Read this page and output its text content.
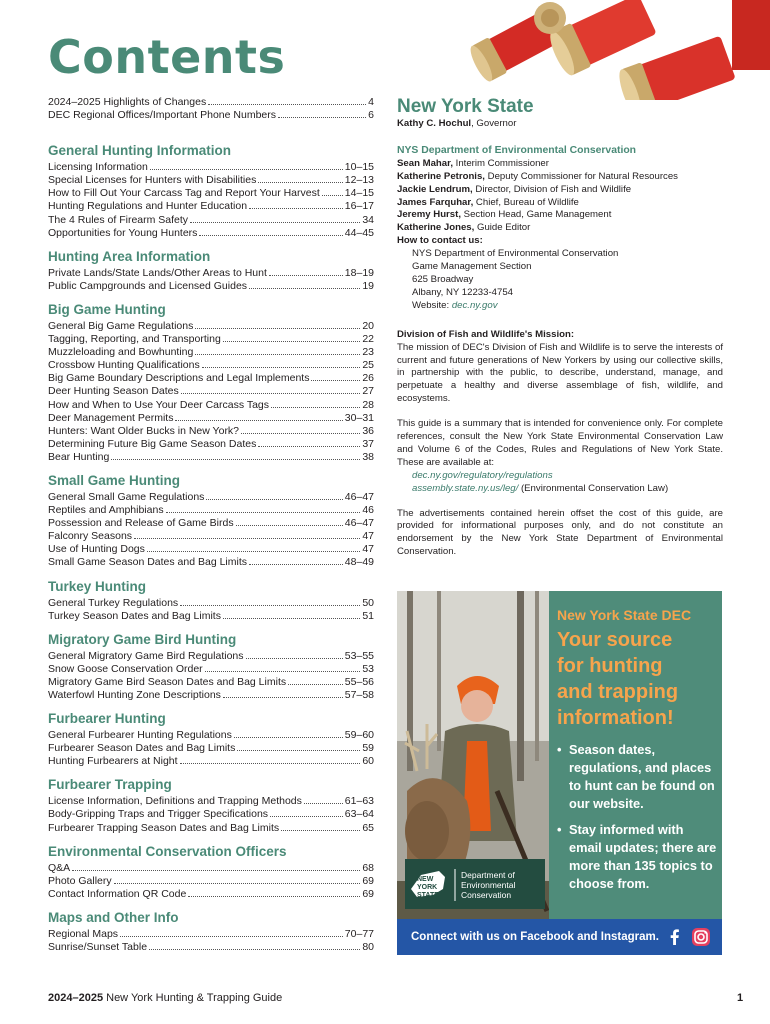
Contents
2024–2025 Highlights of Changes	4
DEC Regional Offices/Important Phone Numbers	6
General Hunting Information
Licensing Information	10–15
Special Licenses for Hunters with Disabilities	12–13
How to Fill Out Your Carcass Tag and Report Your Harvest 14–15
Hunting Regulations and Hunter Education	16–17
The 4 Rules of Firearm Safety	34
Opportunities for Young Hunters	44–45
Hunting Area Information
Private Lands/State Lands/Other Areas to Hunt	18–19
Public Campgrounds and Licensed Guides	19
Big Game Hunting
General Big Game Regulations	20
Tagging, Reporting, and Transporting	22
Muzzleloading and Bowhunting	23
Crossbow Hunting Qualifications	25
Big Game Boundary Descriptions and Legal Implements	26
Deer Hunting Season Dates	27
How and When to Use Your Deer Carcass Tags	28
Deer Management Permits	30–31
Hunters: Want Older Bucks in New York?	36
Determining Future Big Game Season Dates	37
Bear Hunting	38
Small Game Hunting
General Small Game Regulations	46–47
Reptiles and Amphibians	46
Possession and Release of Game Birds	46–47
Falconry Seasons	47
Use of Hunting Dogs	47
Small Game Season Dates and Bag Limits	48–49
Turkey Hunting
General Turkey Regulations	50
Turkey Season Dates and Bag Limits	51
Migratory Game Bird Hunting
General Migratory Game Bird Regulations	53–55
Snow Goose Conservation Order	53
Migratory Game Bird Season Dates and Bag Limits	55–56
Waterfowl Hunting Zone Descriptions	57–58
Furbearer Hunting
General Furbearer Hunting Regulations	59–60
Furbearer Season Dates and Bag Limits	59
Hunting Furbearers at Night	60
Furbearer Trapping
License Information, Definitions and Trapping Methods	61–63
Body-Gripping Traps and Trigger Specifications	63–64
Furbearer Trapping Season Dates and Bag Limits	65
Environmental Conservation Officers
Q&A	68
Photo Gallery	69
Contact Information QR Code	69
Maps and Other Info
Regional Maps	70–77
Sunrise/Sunset Table	80
New York State
Kathy C. Hochul, Governor
NYS Department of Environmental Conservation
Sean Mahar, Interim Commissioner
Katherine Petronis, Deputy Commissioner for Natural Resources
Jackie Lendrum, Director, Division of Fish and Wildlife
James Farquhar, Chief, Bureau of Wildlife
Jeremy Hurst, Section Head, Game Management
Katherine Jones, Guide Editor
How to contact us:
NYS Department of Environmental Conservation
Game Management Section
625 Broadway
Albany, NY 12233-4754
Website: dec.ny.gov
Division of Fish and Wildlife's Mission:
The mission of DEC's Division of Fish and Wildlife is to serve the interests of current and future generations of New Yorkers by using our collective skills, in partnership with the public, to describe, understand, manage, and perpetuate a healthy and diverse assemblage of fish, wildlife, and ecosystems.
This guide is a summary that is intended for convenience only. For complete references, consult the New York State Environmental Conservation Law and Volume 6 of the Codes, Rules and Regulations of New York State. These are available at:
dec.ny.gov/regulatory/regulations
assembly.state.ny.us/leg/ (Environmental Conservation Law)
The advertisements contained herein offset the cost of this guide, are provided for informational purposes only, and do not constitute an endorsement by the New York State Department of Environmental Conservation.
NEW
YORK
STATE
Department of
Environmental
Conservation
New York State DEC
Your source
for hunting
and trapping
information!
• Season dates, regulations, and places to hunt can be found on our website.
• Stay informed with email updates; there are more than 135 topics to choose from.
Connect with us on Facebook and Instagram.
2024–2025 New York Hunting & Trapping Guide	1
